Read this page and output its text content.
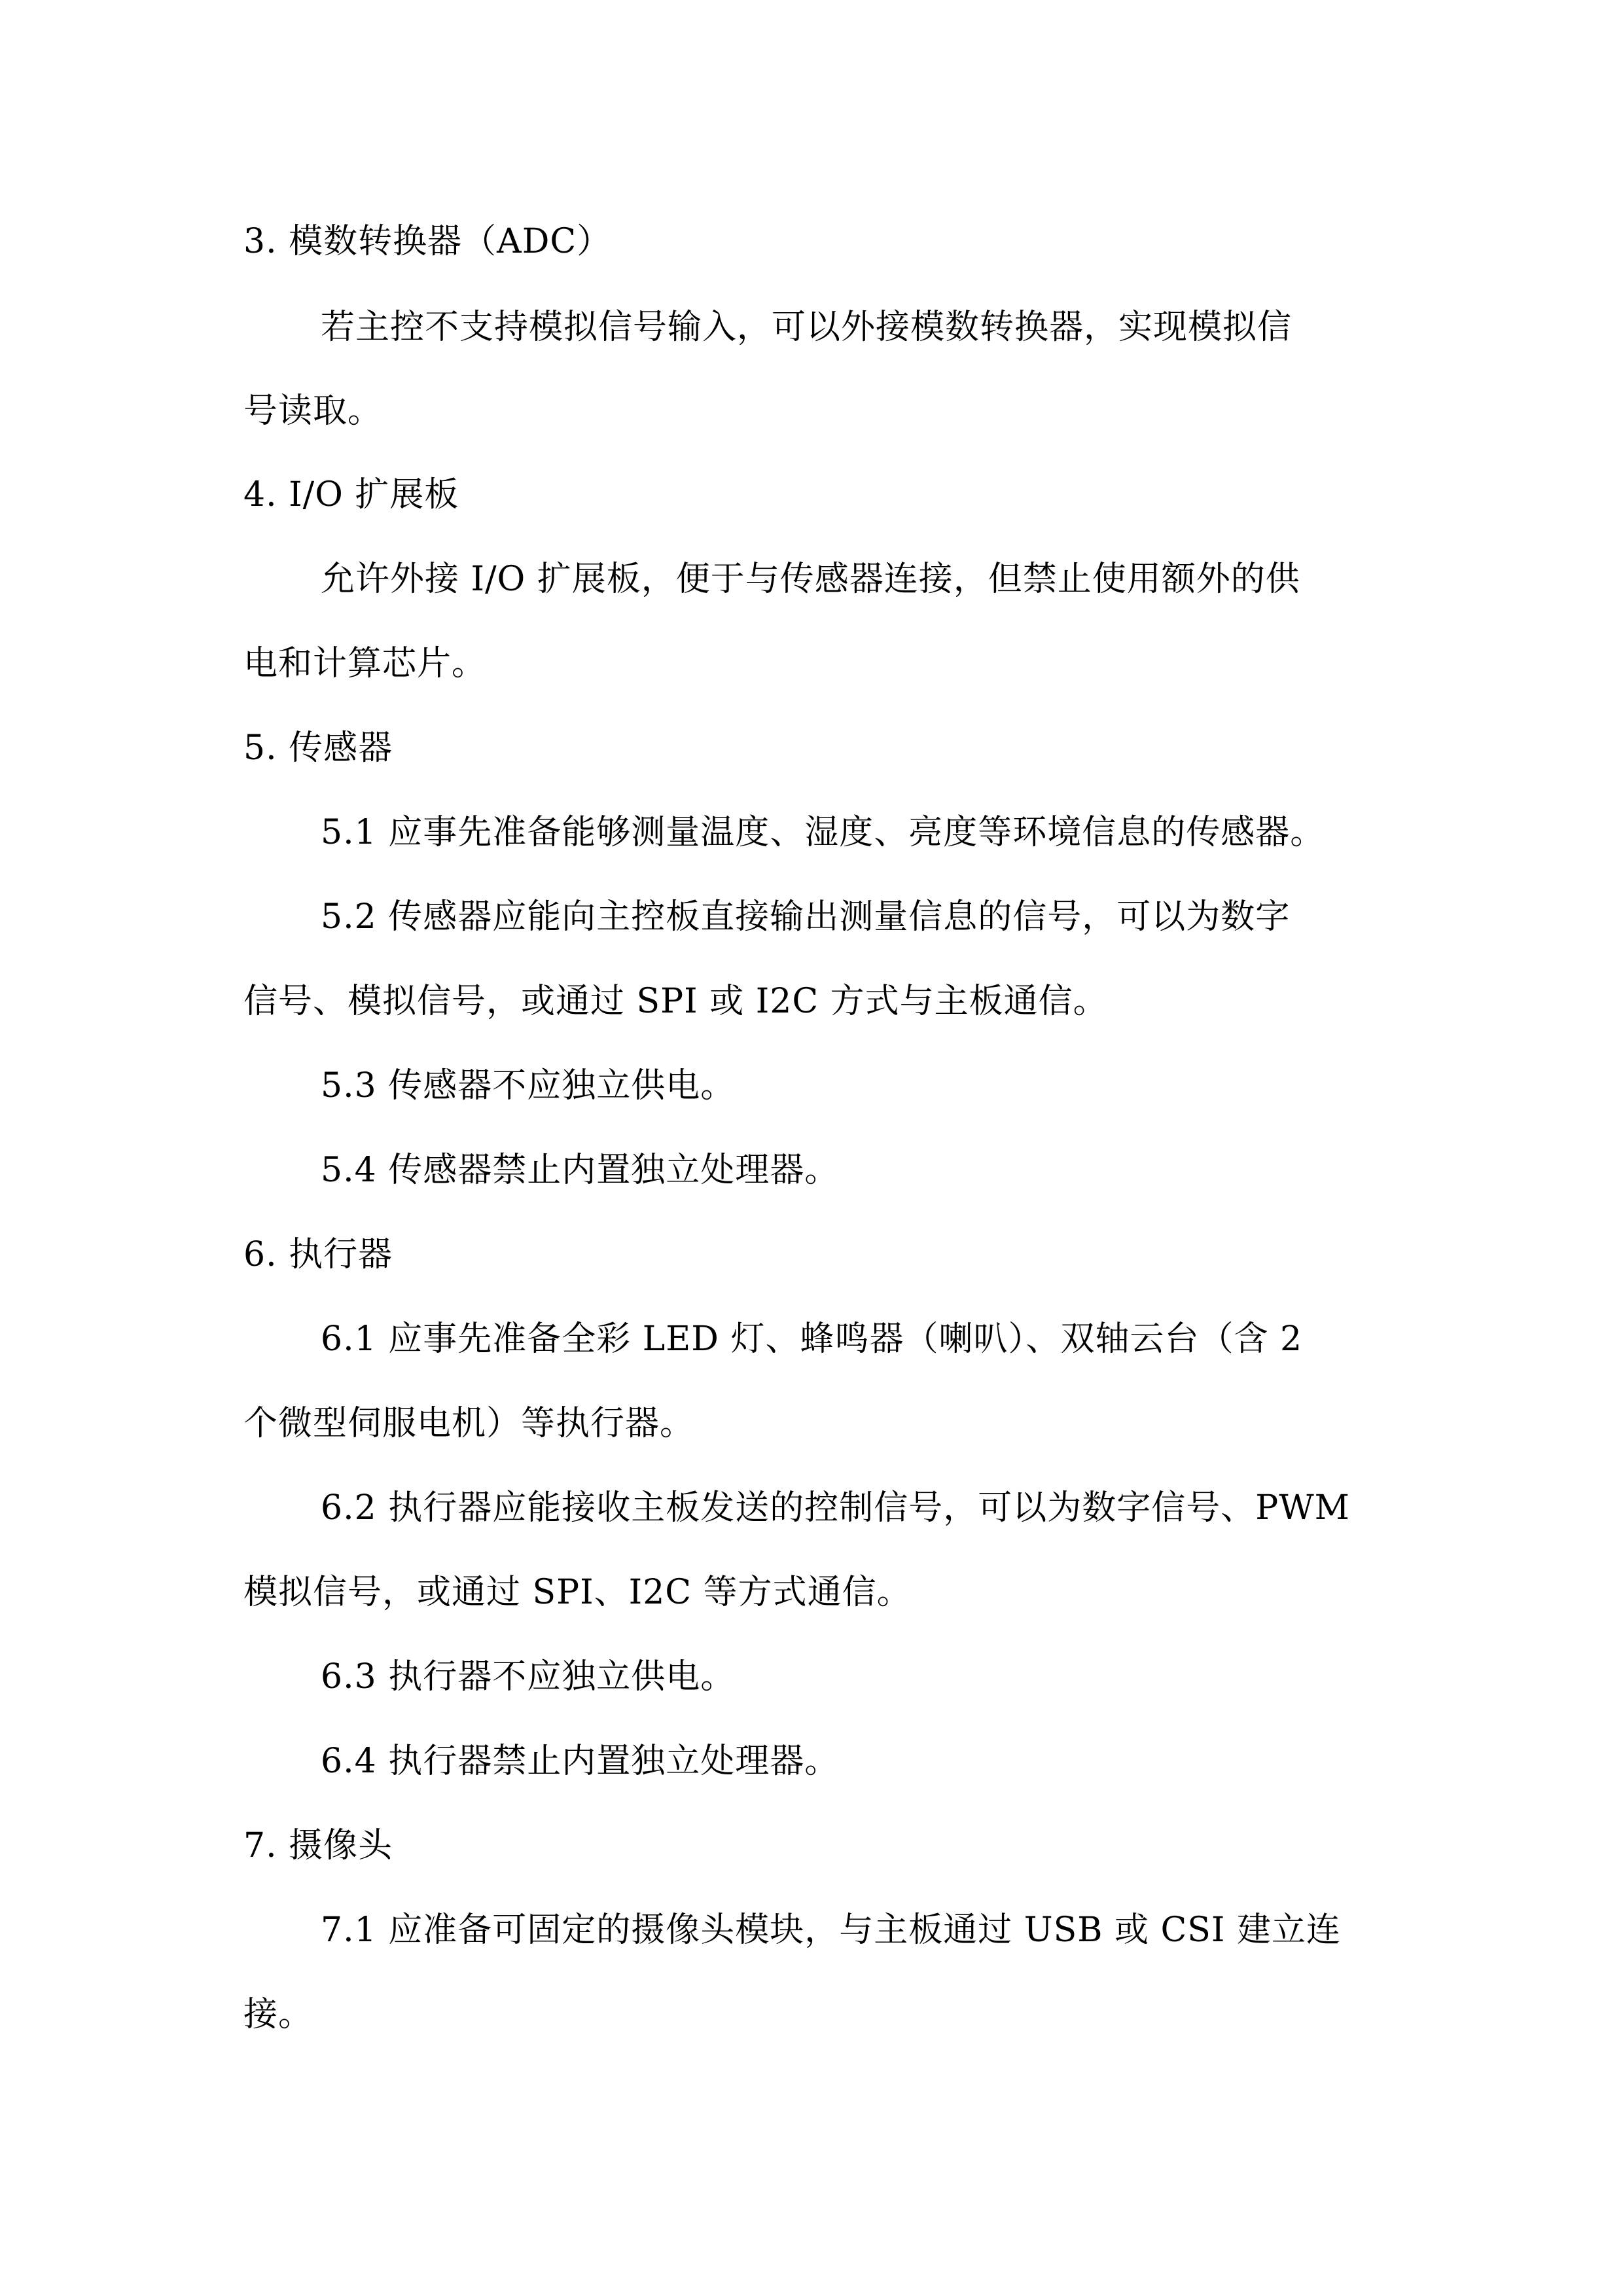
3. 模数转换器（ADC）

若主控不支持模拟信号输入，可以外接模数转换器，实现模拟信

号读取。

4. I/O 扩展板

允许外接 I/O 扩展板，便于与传感器连接，但禁止使用额外的供

电和计算芯片。

5. 传感器

5.1 应事先准备能够测量温度、湿度、亮度等环境信息的传感器。

5.2 传感器应能向主控板直接输出测量信息的信号，可以为数字

信号、模拟信号，或通过 SPI 或 I2C 方式与主板通信。

5.3 传感器不应独立供电。

5.4 传感器禁止内置独立处理器。

6. 执行器

6.1 应事先准备全彩 LED 灯、蜂鸣器（喇叭）、双轴云台（含 2

个微型伺服电机）等执行器。

6.2 执行器应能接收主板发送的控制信号，可以为数字信号、PWM

模拟信号，或通过 SPI、I2C 等方式通信。

6.3 执行器不应独立供电。

6.4 执行器禁止内置独立处理器。

7. 摄像头

7.1 应准备可固定的摄像头模块，与主板通过 USB 或 CSI 建立连

接。
